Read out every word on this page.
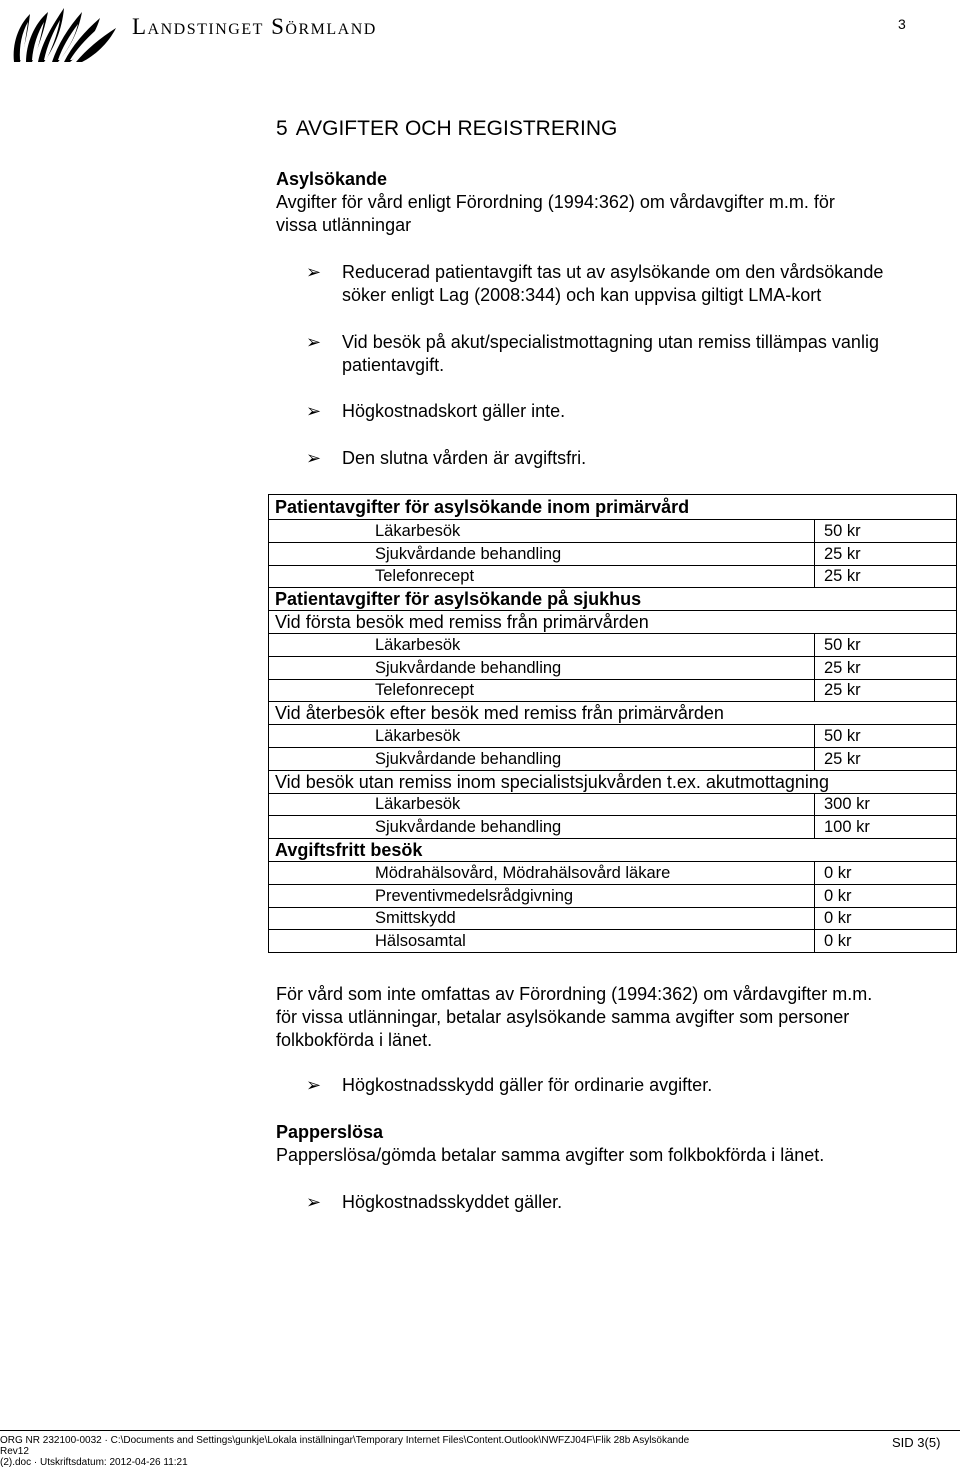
Landstinget Sörmland	3
5 AVGIFTER OCH REGISTRERING
Asylsökande
Avgifter för vård enligt Förordning (1994:362) om vårdavgifter m.m. för
vissa utlänningar
➢ Reducerad patientavgift tas ut av asylsökande om den vårdsökande
söker enligt Lag (2008:344) och kan uppvisa giltigt LMA-kort
➢ Vid besök på akut/specialistmottagning utan remiss tillämpas vanlig
patientavgift.
➢ Högkostnadskort gäller inte.
➢ Den slutna vården är avgiftsfri.
Patientavgifter för asylsökande inom primärvård	
Läkarbesök	50 kr
Sjukvårdande behandling	25 kr
Telefonrecept	25 kr
Patientavgifter för asylsökande på sjukhus	
Vid första besök med remiss från primärvården	
Läkarbesök	50 kr
Sjukvårdande behandling	25 kr
Telefonrecept	25 kr
Vid återbesök efter besök med remiss från primärvården	
Läkarbesök	50 kr
Sjukvårdande behandling	25 kr
Vid besök utan remiss inom specialistsjukvården t.ex. akutmottagning	
Läkarbesök	300 kr
Sjukvårdande behandling	100 kr
Avgiftsfritt besök	
Mödrahälsovård, Mödrahälsovård läkare	0 kr
Preventivmedelsrådgivning	0 kr
Smittskydd	0 kr
Hälsosamtal	0 kr
För vård som inte omfattas av Förordning (1994:362) om vårdavgifter m.m.
för vissa utlänningar, betalar asylsökande samma avgifter som personer
folkbokförda i länet.
➢ Högkostnadsskydd gäller för ordinarie avgifter.
Papperslösa
Papperslösa/gömda betalar samma avgifter som folkbokförda i länet.
➢ Högkostnadsskyddet gäller.
ORG NR 232100-0032 · C:\Documents and Settings\gunkje\Lokala inställningar\Temporary Internet Files\Content.Outlook\NWFZJ04F\Flik 28b Asylsökande Rev12
(2).doc · Utskriftsdatum: 2012-04-26 11:21
SID 3(5)
